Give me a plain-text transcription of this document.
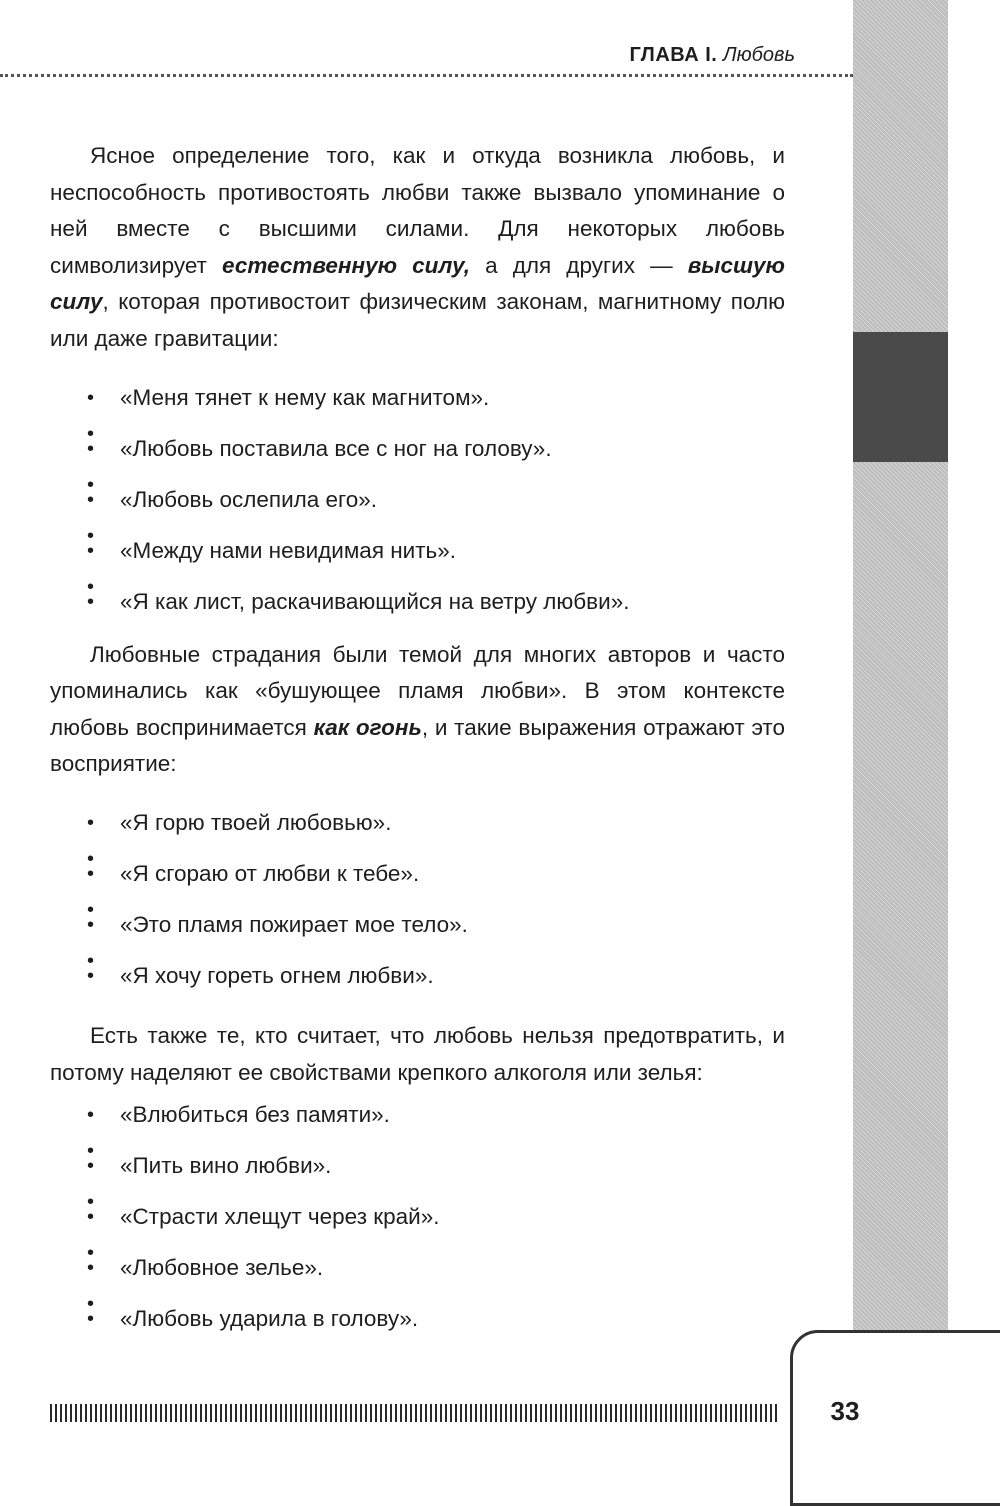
ГЛАВА I. Любовь

Ясное определение того, как и откуда возникла любовь, и неспособность противостоять любви также вызвало упоминание о ней вместе с высшими силами. Для некоторых любовь символизирует естественную силу, а для других — высшую силу, которая противостоит физическим законам, магнитному полю или даже гравитации:

• «Меня тянет к нему как магнитом».
•
• «Любовь поставила все с ног на голову».
•
• «Любовь ослепила его».
•
• «Между нами невидимая нить».
•
• «Я как лист, раскачивающийся на ветру любви».

Любовные страдания были темой для многих авторов и часто упоминались как «бушующее пламя любви». В этом контексте любовь воспринимается как огонь, и такие выражения отражают это восприятие:

• «Я горю твоей любовью».
•
• «Я сгораю от любви к тебе».
•
• «Это пламя пожирает мое тело».
•
• «Я хочу гореть огнем любви».

Есть также те, кто считает, что любовь нельзя предотвратить, и потому наделяют ее свойствами крепкого алкоголя или зелья:

• «Влюбиться без памяти».
•
• «Пить вино любви».
•
• «Страсти хлещут через край».
•
• «Любовное зелье».
•
• «Любовь ударила в голову».
33
